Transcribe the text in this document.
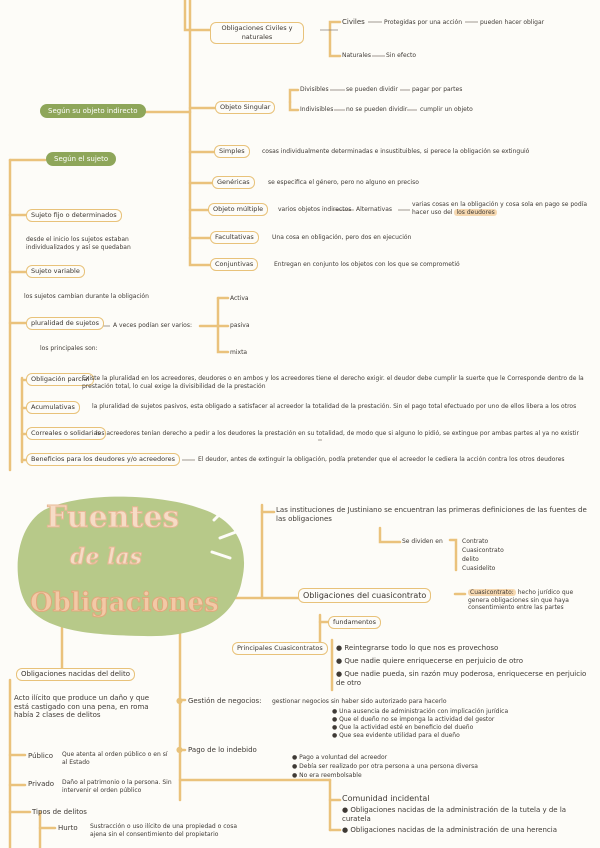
Obligaciones Civiles y naturales
Civiles	Protegidas por una acción	pueden hacer obligar
Naturales	Sin efecto
Según su objeto indirecto
Según el sujeto
Objeto Singular
Divisibles	se pueden dividir pagar por partes
Indivisibles no se pueden dividir cumplir un objeto
Simples	cosas individualmente determinadas e insustituibles, si perece la obligación se extinguió
Genéricas	se especifica el género, pero no alguno en preciso
Objeto múltiple	varios objetos indirectos Alternativas
varias cosas en la obligación y cosa sola en pago se podía hacer uso del los deudores
Facultativas	Una cosa en obligación, pero dos en ejecución
Conjuntivas	Entregan en conjunto los objetos con los que se comprometió
Sujeto fijo o determinados
desde el inicio los sujetos estaban individualizados y así se quedaban
Sujeto variable
los sujetos cambian durante la obligación
pluralidad de sujetos	A veces podían ser varios:
Activa
pasiva
mixta
los principales son:
Obligación parcial
Existe la pluralidad en los acreedores, deudores o en ambos y los acreedores tiene el derecho exigir. el deudor debe cumplir la suerte que le Corresponde dentro de la prestación total, lo cual exige la divisibilidad de la prestación
Acumulativas	la pluralidad de sujetos pasivos, esta obligado a satisfacer al acreedor la totalidad de la prestación. Sin el pago total efectuado por uno de ellos libera a los otros
Correales o solidarias
los acreedores tenían derecho a pedir a los deudores la prestación en su totalidad, de modo que si alguno lo pidió, se extingue por ambas partes al ya no existir
Beneficios para los deudores y/o acreedores	El deudor, antes de extinguir la obligación, podía pretender que el acreedor le cediera la acción contra los otros deudores
Fuentes
de las
Obligaciones
Las instituciones de Justiniano se encuentran las primeras definiciones de las fuentes de las obligaciones
Se dividen en	Contrato
Cuasicontrato
delito
Cuasidelito
Obligaciones del cuasicontrato	Cuasicontrato: hecho jurídico que genera obligaciones sin que haya consentimiento entre las partes
fundamentos
Principales Cuasicontratos	● Reintegrarse todo lo que nos es provechoso
● Que nadie quiere enriquecerse en perjuicio de otro
● Que nadie pueda, sin razón muy poderosa, enriquecerse en perjuicio de otro
Obligaciones nacidas del delito
Acto ilícito que produce un daño y que está castigado con una pena, en roma había 2 clases de delitos
Público Que atenta al orden público o en sí al Estado
Privado Daño al patrimonio o la persona. Sin intervenir el orden público
Tipos de delitos
Hurto Sustracción o uso ilícito de una propiedad o cosa ajena sin el consentimiento del propietario
● Gestión de negocios: gestionar negocios sin haber sido autorizado para hacerlo
● Una ausencia de administración con implicación jurídica
● Que el dueño no se imponga la actividad del gestor
● Que la actividad esté en beneficio del dueño
● Que sea evidente utilidad para el dueño
● Pago de lo indebido
● Pago a voluntad del acreedor
● Debía ser realizado por otra persona a una persona diversa
● No era reembolsable
Comunidad incidental
● Obligaciones nacidas de la administración de la tutela y de la curatela
● Obligaciones nacidas de la administración de una herencia
